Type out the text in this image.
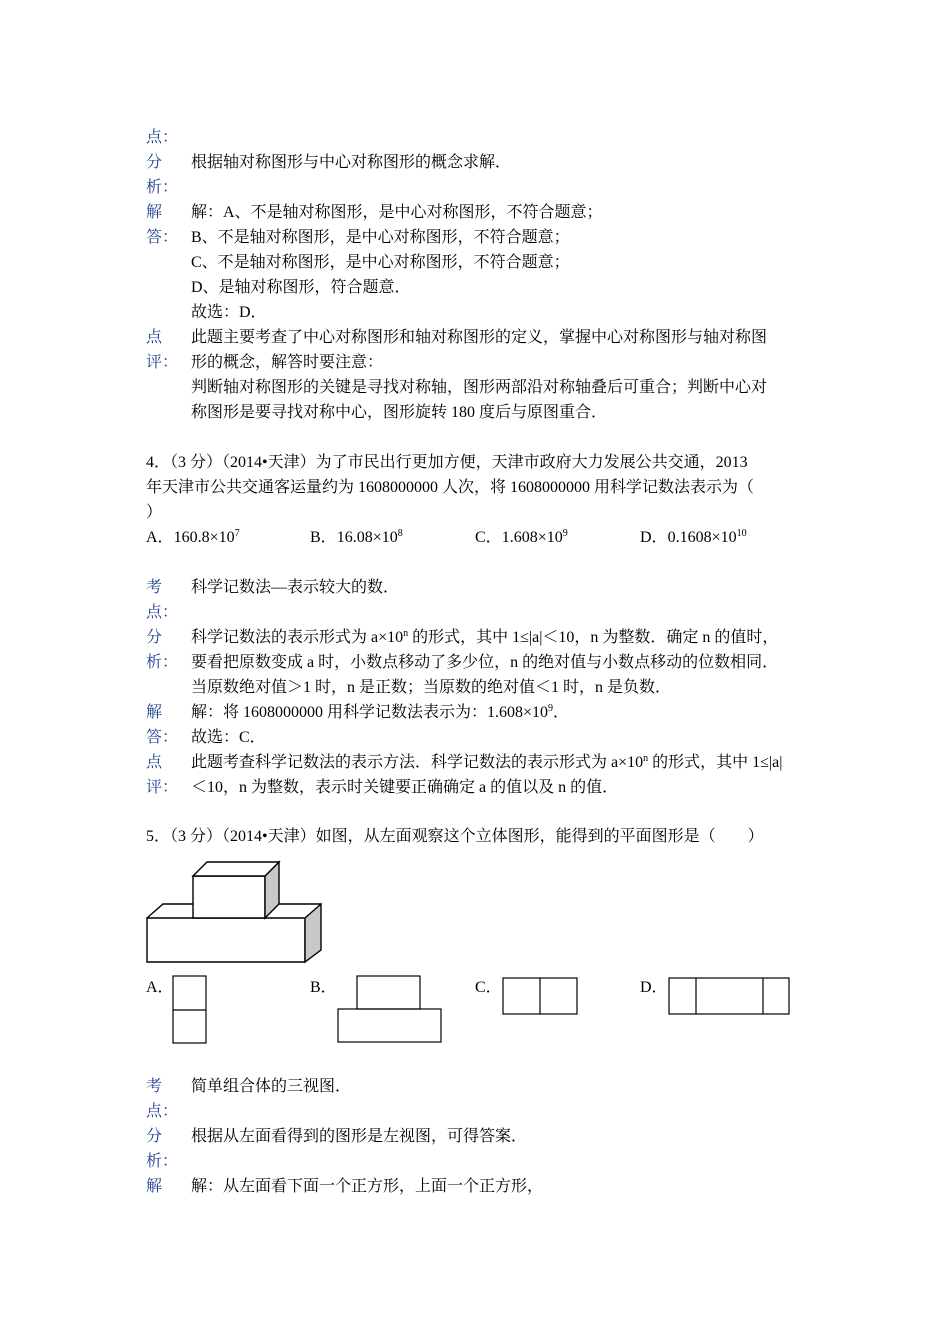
点：
分	根据轴对称图形与中心对称图形的概念求解．
析：
解	解：A、不是轴对称图形，是中心对称图形，不符合题意；
答： B、不是轴对称图形，是中心对称图形，不符合题意；
C、不是轴对称图形，是中心对称图形，不符合题意；
D、是轴对称图形，符合题意．
故选：D．
点	此题主要考查了中心对称图形和轴对称图形的定义，掌握中心对称图形与轴对称图
评： 形的概念，解答时要注意：
判断轴对称图形的关键是寻找对称轴，图形两部沿对称轴叠后可重合；判断中心对
称图形是要寻找对称中心，图形旋转 180 度后与原图重合．
4．（3 分）（2014•天津）为了市民出行更加方便，天津市政府大力发展公共交通，2013
年天津市公共交通客运量约为 1608000000 人次，将 1608000000 用科学记数法表示为（
）
A．$160.8\times 10^7$	B．$16.08\times 10^8$	C．$1.608\times 10^9$	D．$0.1608\times 10^{10}$
考	科学记数法—表示较大的数．
点：
分	科学记数法的表示形式为 $a\times 10^n$ 的形式，其中 1≤|a|＜10，n 为整数．确定 n 的值时，
析： 要看把原数变成 a 时，小数点移动了多少位，n 的绝对值与小数点移动的位数相同．
当原数绝对值＞1 时，n 是正数；当原数的绝对值＜1 时，n 是负数．
解	解：将 1608000000 用科学记数法表示为：$1.608\times 10^9$．
答： 故选：C．
点	此题考查科学记数法的表示方法．科学记数法的表示形式为 $a\times 10^n$ 的形式，其中 1≤|a|
评： ＜10，n 为整数，表示时关键要正确确定 a 的值以及 n 的值．
5．（3 分）（2014•天津）如图，从左面观察这个立体图形，能得到的平面图形是（　　）
A．	B．	C．	D．
考	简单组合体的三视图．
点：
分	根据从左面看得到的图形是左视图，可得答案．
析：
解	解：从左面看下面一个正方形，上面一个正方形，
